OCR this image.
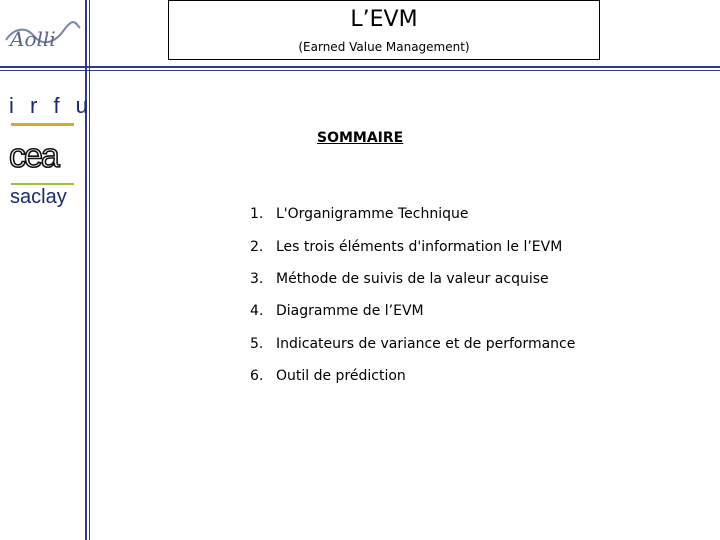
Aolli
L’EVM
(Earned Value Management)
i r f u
cea
saclay
SOMMAIRE
1. L'Organigramme Technique
2. Les trois éléments d'information le l’EVM
3. Méthode de suivis de la valeur acquise
4. Diagramme de l’EVM
5. Indicateurs de variance et de performance
6. Outil de prédiction
